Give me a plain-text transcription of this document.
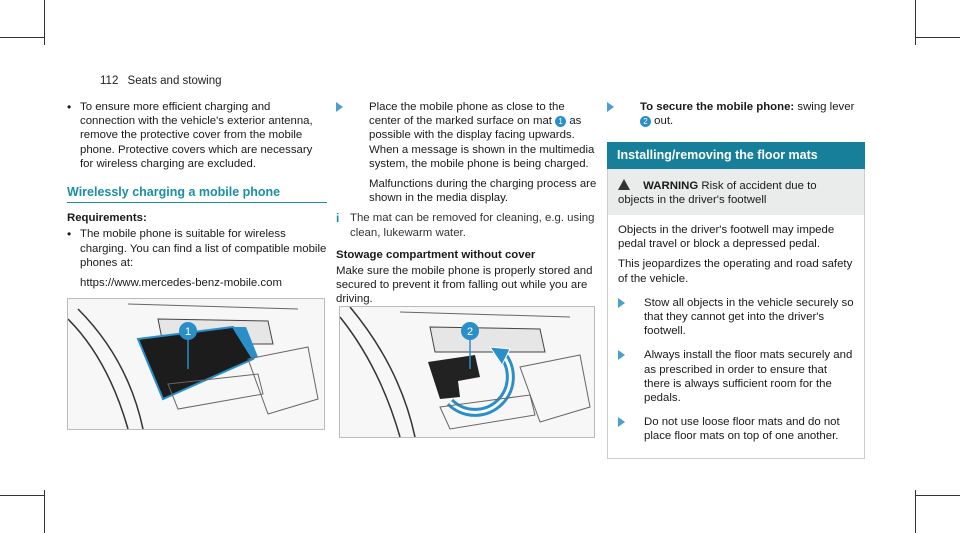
112 Seats and stowing
• To ensure more efficient charging and connection with the vehicle's exterior antenna, remove the protective cover from the mobile phone. Protective covers which are necessary for wireless charging are excluded.
Wirelessly charging a mobile phone
Requirements:
• The mobile phone is suitable for wireless charging. You can find a list of compatible mobile phones at:
https://www.mercedes-benz-mobile.com
1
Place the mobile phone as close to the center of the marked surface on mat 1 as possible with the display facing upwards.

When a message is shown in the multimedia system, the mobile phone is being charged.

Malfunctions during the charging process are shown in the media display.

i The mat can be removed for cleaning, e.g. using clean, lukewarm water.
Stowage compartment without cover

Make sure the mobile phone is properly stored and secured to prevent it from falling out while you are driving.

2
To secure the mobile phone: swing lever 2 out.
Installing/removing the floor mats
WARNING Risk of accident due to objects in the driver's footwell

Objects in the driver's footwell may impede pedal travel or block a depressed pedal.

This jeopardizes the operating and road safety of the vehicle.

Stow all objects in the vehicle securely so that they cannot get into the driver's footwell.
Always install the floor mats securely and as prescribed in order to ensure that there is always sufficient room for the pedals.
Do not use loose floor mats and do not place floor mats on top of one another.
